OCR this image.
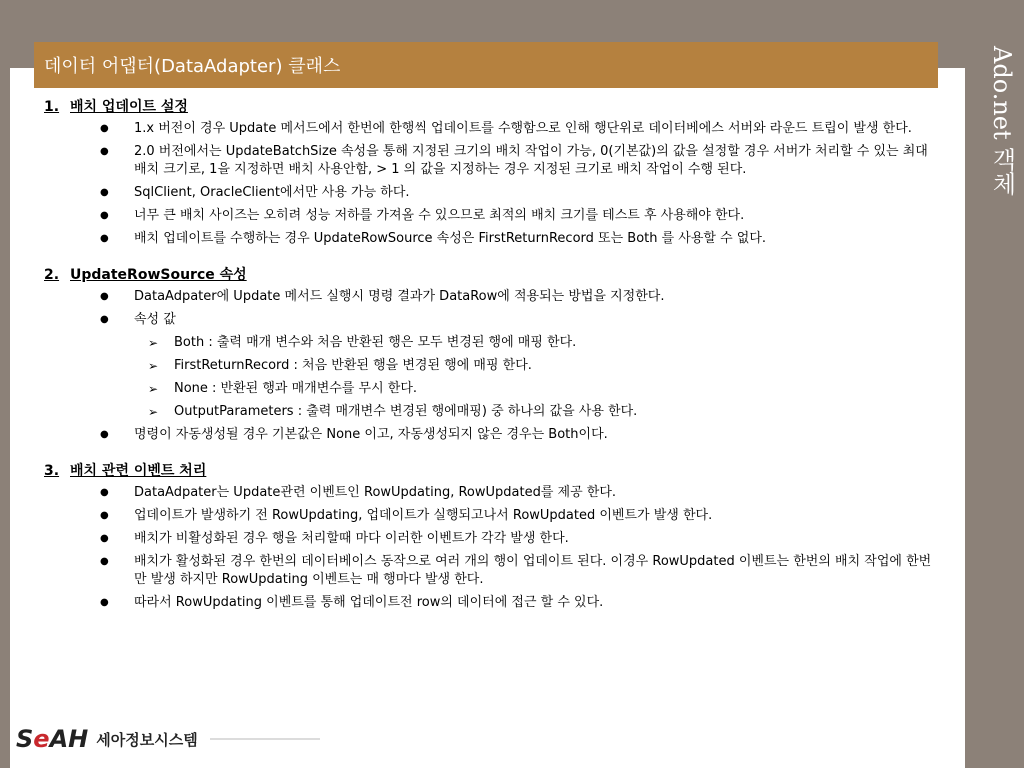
데이터 어댑터(DataAdapter) 클래스	Ado.net 객체
1. 배치 업데이트 설정
●	1.x 버전이 경우 Update 메서드에서 한번에 한행씩 업데이트를 수행함으로 인해 행단위로 데이터베에스 서버와 라운드 트립이 발생 한다.
●	2.0 버전에서는 UpdateBatchSize 속성을 통해 지정된 크기의 배치 작업이 가능, 0(기본값)의 값을 설정할 경우 서버가 처리할 수 있는 최대 배치 크기로, 1을 지정하면 배치 사용안함, > 1 의 값을 지정하는 경우 지정된 크기로 배치 작업이 수행 된다.
●	SqlClient, OracleClient에서만 사용 가능 하다.
●	너무 큰 배치 사이즈는 오히려 성능 저하를 가져올 수 있으므로 최적의 배치 크기를 테스트 후 사용해야 한다.
●	배치 업데이트를 수행하는 경우 UpdateRowSource 속성은 FirstReturnRecord 또는 Both 를 사용할 수 없다.
2. UpdateRowSource 속성
●	DataAdpater에 Update 메서드 실행시 명령 결과가 DataRow에 적용되는 방법을 지정한다.
●	속성 값
➢	Both : 출력 매개 변수와 처음 반환된 행은 모두 변경된 행에 매핑 한다.
➢	FirstReturnRecord : 처음 반환된 행을 변경된 행에 매핑 한다.
➢	None : 반환된 행과 매개변수를 무시 한다.
➢	OutputParameters : 출력 매개변수 변경된 행에매핑) 중 하나의 값을 사용 한다.
●	명령이 자동생성될 경우 기본값은 None 이고, 자동생성되지 않은 경우는 Both이다.
3. 배치 관련 이벤트 처리
●	DataAdpater는 Update관련 이벤트인 RowUpdating, RowUpdated를 제공 한다.
●	업데이트가 발생하기 전 RowUpdating, 업데이트가 실행되고나서 RowUpdated 이벤트가 발생 한다.
●	배치가 비활성화된 경우 행을 처리할때 마다 이러한 이벤트가 각각 발생 한다.
●	배치가 활성화된 경우 한번의 데이터베이스 동작으로 여러 개의 행이 업데이트 된다. 이경우 RowUpdated 이벤트는 한번의 배치 작업에 한번만 발생 하지만 RowUpdating 이벤트는 매 행마다 발생 한다.
●	따라서 RowUpdating 이벤트를 통해 업데이트전 row의 데이터에 접근 할 수 있다.
SeAH 세아정보시스템
